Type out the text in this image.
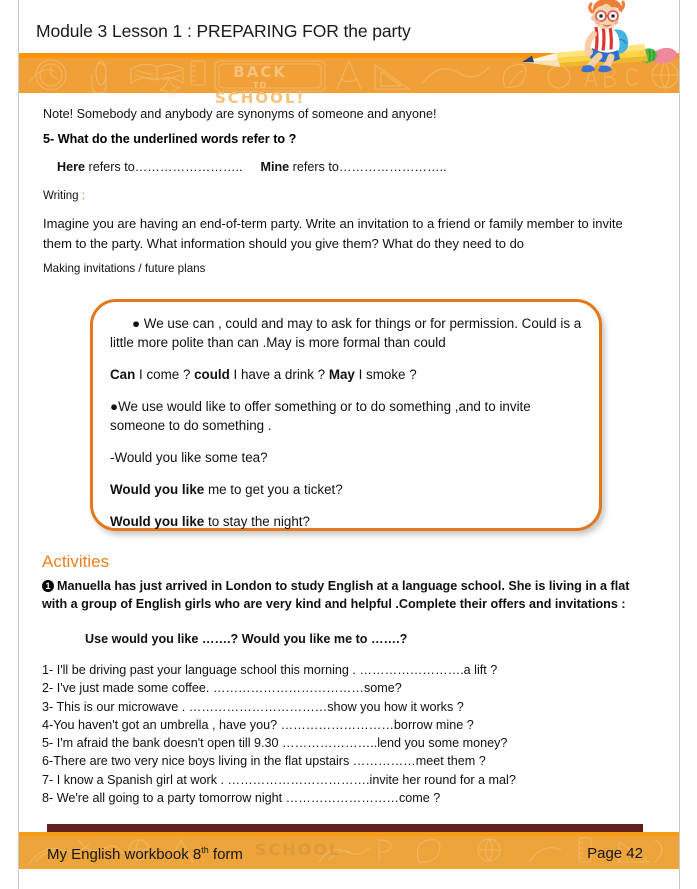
Module 3 Lesson 1 : PREPARING FOR the party
BACK
TO
SCHOOL!
Note! Somebody and anybody are synonyms of someone and anyone!
5- What do the underlined words refer to ?
Here refers to…………………….. Mine refers to……………………..
Writing :
Imagine you are having an end-of-term party. Write an invitation to a friend or family member to invite them to the party. What information should you give them? What do they need to do
Making invitations / future plans

● We use can , could and may to ask for things or for permission. Could is a little more polite than can .May is more formal than could

Can I come ? could I have a drink ? May I smoke ?

●We use would like to offer something or to do something ,and to invite someone to do something .

-Would you like some tea?

Would you like me to get you a ticket?

Would you like to stay the night?

Activities
1 Manuella has just arrived in London to study English at a language school. She is living in a flat with a group of English girls who are very kind and helpful .Complete their offers and invitations :
Use would you like …….? Would you like me to …….?
1- I'll be driving past your language school this morning . …………………….a lift ?
2- I've just made some coffee. ………………………………some?
3- This is our microwave . ……………………………show you how it works ?
4-You haven't got an umbrella , have you? ………………………borrow mine ?
5- I'm afraid the bank doesn't open till 9.30 …………………..lend you some money?
6-There are two very nice boys living in the flat upstairs ……………meet them ?
7- I know a Spanish girl at work . …………………………….invite her round for a mal?
8- We're all going to a party tomorrow night ………………………come ?
SCHOOL
My English workbook 8th form	Page 42
